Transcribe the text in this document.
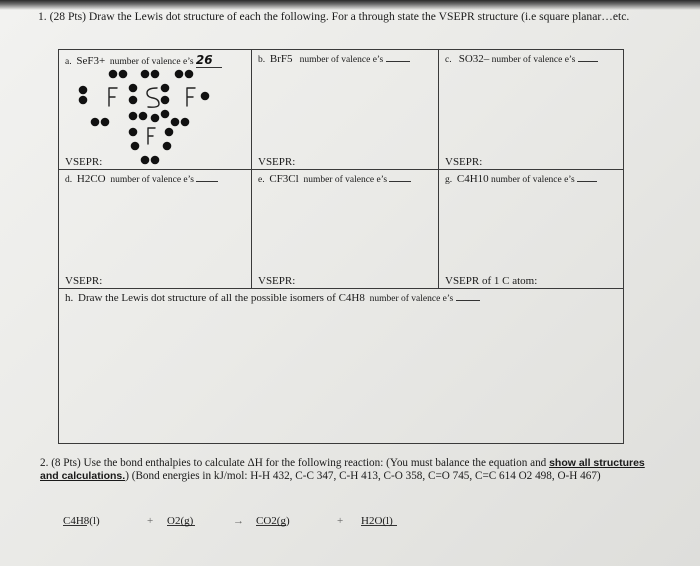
1. (28 Pts) Draw the Lewis dot structure of each the following. For a through state the VSEPR structure (i.e square planar…etc.
a. SeF3+ number of valence e’s 26
VSEPR:
b. BrF5 number of valence e’s
VSEPR:
c. SO32– number of valence e’s
VSEPR:
d. H2CO number of valence e’s
VSEPR:
e. CF3Cl number of valence e’s
VSEPR:
g. C4H10 number of valence e’s
VSEPR of 1 C atom:
h. Draw the Lewis dot structure of all the possible isomers of C4H8 number of valence e’s
2. (8 Pts) Use the bond enthalpies to calculate ΔH for the following reaction: (You must balance the equation and show all structures and calculations.) (Bond energies in kJ/mol: H-H 432, C-C 347, C-H 413, C-O 358, C=O 745, C=C 614 O2 498, O-H 467)
C4H8(l)	+ O2(g)	→ CO2(g)	+ H2O(l)
